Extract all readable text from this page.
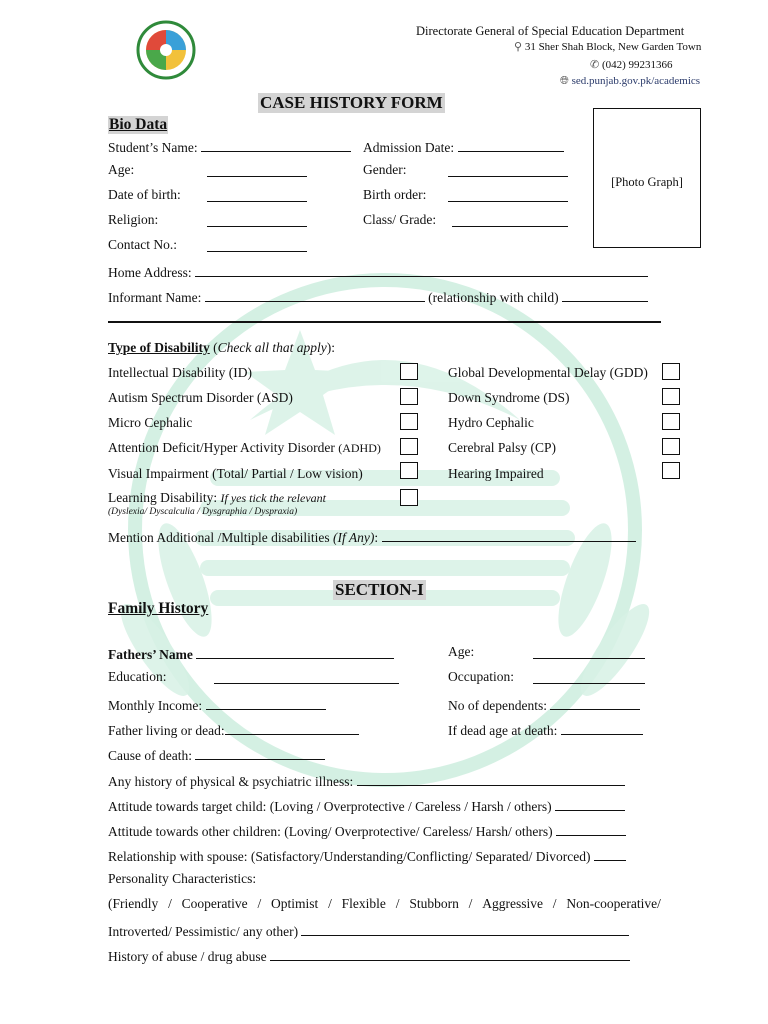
Directorate General of Special Education Department
⚲ 31 Sher Shah Block, New Garden Town
✆ (042) 99231366
🌐︎ sed.punjab.gov.pk/academics
CASE HISTORY FORM
[Photo Graph]
Bio Data
Student’s Name:	Admission Date:
Age:	Gender:
Date of birth:	Birth order:
Religion:	Class/ Grade:
Contact No.:
Home Address:
Informant Name:	(relationship with child)
Type of Disability (Check all that apply):
Intellectual Disability (ID)	Global Developmental Delay (GDD)
Autism Spectrum Disorder (ASD)	Down Syndrome (DS)
Micro Cephalic	Hydro Cephalic
Attention Deficit/Hyper Activity Disorder (ADHD)	Cerebral Palsy (CP)
Visual Impairment (Total/ Partial / Low vision)	Hearing Impaired
Learning Disability: If yes tick the relevant
(Dyslexia/ Dyscalculia / Dysgraphia / Dyspraxia)
Mention Additional /Multiple disabilities (If Any):
SECTION-I
Family History
Fathers’ Name	Age:
Education:	Occupation:
Monthly Income:	No of dependents:
Father living or dead:	If dead age at death:
Cause of death:
Any history of physical & psychiatric illness:
Attitude towards target child: (Loving / Overprotective / Careless / Harsh / others)
Attitude towards other children: (Loving/ Overprotective/ Careless/ Harsh/ others)
Relationship with spouse: (Satisfactory/Understanding/Conflicting/ Separated/ Divorced)
Personality Characteristics:
(Friendly / Cooperative / Optimist / Flexible / Stubborn / Aggressive / Non-cooperative/
Introverted/ Pessimistic/ any other)
History of abuse / drug abuse
